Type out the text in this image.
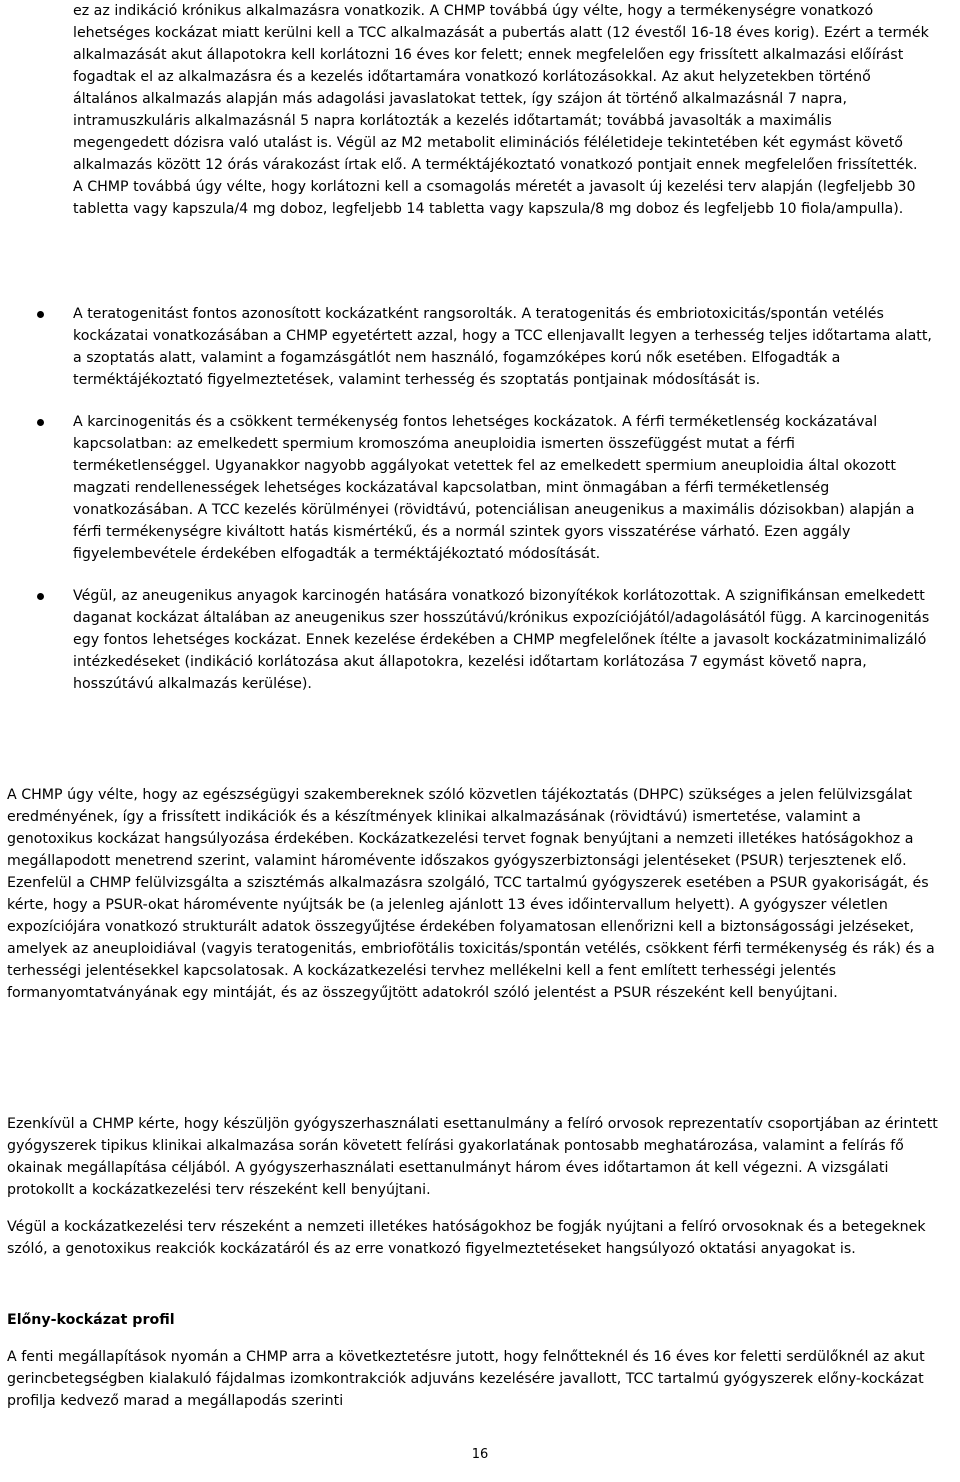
ez az indikáció krónikus alkalmazásra vonatkozik. A CHMP továbbá úgy vélte, hogy a termékenységre vonatkozó lehetséges kockázat miatt kerülni kell a TCC alkalmazását a pubertás alatt (12 évestől 16-18 éves korig). Ezért a termék alkalmazását akut állapotokra kell korlátozni 16 éves kor felett; ennek megfelelően egy frissített alkalmazási előírást fogadtak el az alkalmazásra és a kezelés időtartamára vonatkozó korlátozásokkal. Az akut helyzetekben történő általános alkalmazás alapján más adagolási javaslatokat tettek, így szájon át történő alkalmazásnál 7 napra, intramuszkuláris alkalmazásnál 5 napra korlátozták a kezelés időtartamát; továbbá javasolták a maximális megengedett dózisra való utalást is. Végül az M2 metabolit eliminációs féléletideje tekintetében két egymást követő alkalmazás között 12 órás várakozást írtak elő. A terméktájékoztató vonatkozó pontjait ennek megfelelően frissítették. A CHMP továbbá úgy vélte, hogy korlátozni kell a csomagolás méretét a javasolt új kezelési terv alapján (legfeljebb 30 tabletta vagy kapszula/4 mg doboz, legfeljebb 14 tabletta vagy kapszula/8 mg doboz és legfeljebb 10 fiola/ampulla).

A teratogenitást fontos azonosított kockázatként rangsorolták. A teratogenitás és embriotoxicitás/spontán vetélés kockázatai vonatkozásában a CHMP egyetértett azzal, hogy a TCC ellenjavallt legyen a terhesség teljes időtartama alatt, a szoptatás alatt, valamint a fogamzásgátlót nem használó, fogamzóképes korú nők esetében. Elfogadták a terméktájékoztató figyelmeztetések, valamint terhesség és szoptatás pontjainak módosítását is.
A karcinogenitás és a csökkent termékenység fontos lehetséges kockázatok. A férfi terméketlenség kockázatával kapcsolatban: az emelkedett spermium kromoszóma aneuploidia ismerten összefüggést mutat a férfi terméketlenséggel. Ugyanakkor nagyobb aggályokat vetettek fel az emelkedett spermium aneuploidia által okozott magzati rendellenességek lehetséges kockázatával kapcsolatban, mint önmagában a férfi terméketlenség vonatkozásában. A TCC kezelés körülményei (rövidtávú, potenciálisan aneugenikus a maximális dózisokban) alapján a férfi termékenységre kiváltott hatás kismértékű, és a normál szintek gyors visszatérése várható. Ezen aggály figyelembevétele érdekében elfogadták a terméktájékoztató módosítását.
Végül, az aneugenikus anyagok karcinogén hatására vonatkozó bizonyítékok korlátozottak. A szignifikánsan emelkedett daganat kockázat általában az aneugenikus szer hosszútávú/krónikus expozíciójától/adagolásától függ. A karcinogenitás egy fontos lehetséges kockázat. Ennek kezelése érdekében a CHMP megfelelőnek ítélte a javasolt kockázatminimalizáló intézkedéseket (indikáció korlátozása akut állapotokra, kezelési időtartam korlátozása 7 egymást követő napra, hosszútávú alkalmazás kerülése).

A CHMP úgy vélte, hogy az egészségügyi szakembereknek szóló közvetlen tájékoztatás (DHPC) szükséges a jelen felülvizsgálat eredményének, így a frissített indikációk és a készítmények klinikai alkalmazásának (rövidtávú) ismertetése, valamint a genotoxikus kockázat hangsúlyozása érdekében. Kockázatkezelési tervet fognak benyújtani a nemzeti illetékes hatóságokhoz a megállapodott menetrend szerint, valamint háromévente időszakos gyógyszerbiztonsági jelentéseket (PSUR) terjesztenek elő. Ezenfelül a CHMP felülvizsgálta a szisztémás alkalmazásra szolgáló, TCC tartalmú gyógyszerek esetében a PSUR gyakoriságát, és kérte, hogy a PSUR-okat háromévente nyújtsák be (a jelenleg ajánlott 13 éves időintervallum helyett). A gyógyszer véletlen expozíciójára vonatkozó strukturált adatok összegyűjtése érdekében folyamatosan ellenőrizni kell a biztonságossági jelzéseket, amelyek az aneuploidiával (vagyis teratogenitás, embriofötális toxicitás/spontán vetélés, csökkent férfi termékenység és rák) és a terhességi jelentésekkel kapcsolatosak. A kockázatkezelési tervhez mellékelni kell a fent említett terhességi jelentés formanyomtatványának egy mintáját, és az összegyűjtött adatokról szóló jelentést a PSUR részeként kell benyújtani.

Ezenkívül a CHMP kérte, hogy készüljön gyógyszerhasználati esettanulmány a felíró orvosok reprezentatív csoportjában az érintett gyógyszerek tipikus klinikai alkalmazása során követett felírási gyakorlatának pontosabb meghatározása, valamint a felírás fő okainak megállapítása céljából. A gyógyszerhasználati esettanulmányt három éves időtartamon át kell végezni. A vizsgálati protokollt a kockázatkezelési terv részeként kell benyújtani.

Végül a kockázatkezelési terv részeként a nemzeti illetékes hatóságokhoz be fogják nyújtani a felíró orvosoknak és a betegeknek szóló, a genotoxikus reakciók kockázatáról és az erre vonatkozó figyelmeztetéseket hangsúlyozó oktatási anyagokat is.

Előny-kockázat profil

A fenti megállapítások nyomán a CHMP arra a következtetésre jutott, hogy felnőtteknél és 16 éves kor feletti serdülőknél az akut gerincbetegségben kialakuló fájdalmas izomkontrakciók adjuváns kezelésére javallott, TCC tartalmú gyógyszerek előny-kockázat profilja kedvező marad a megállapodás szerinti

16
